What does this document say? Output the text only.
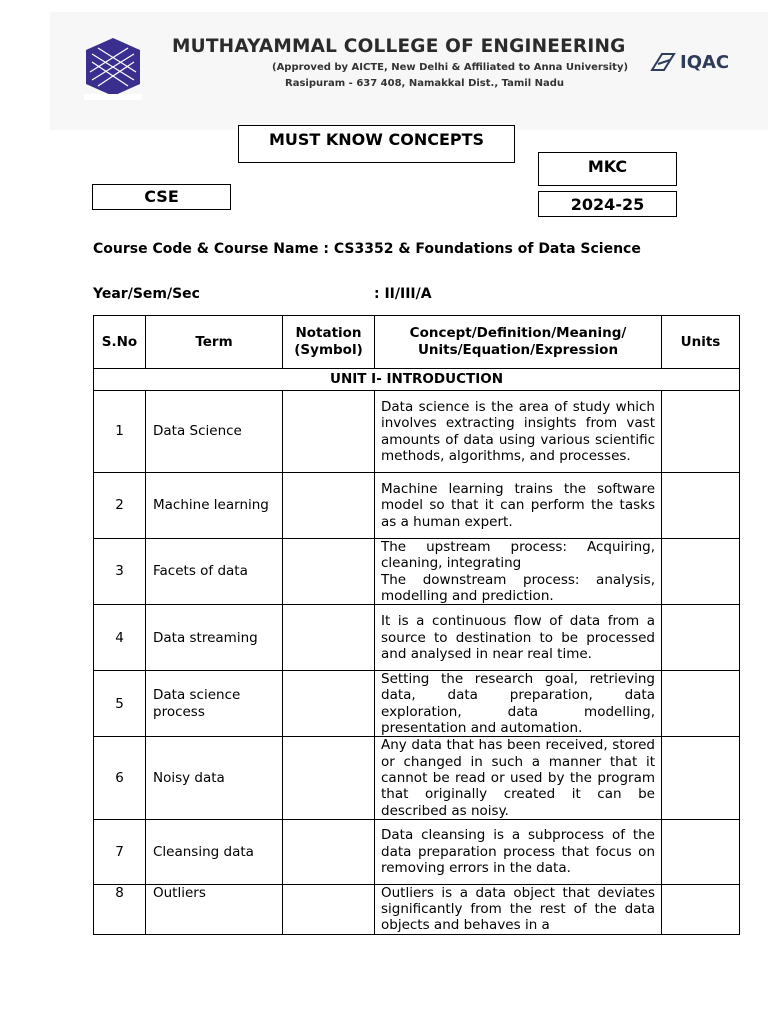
MUTHAYAMMAL COLLEGE OF ENGINEERING
(Approved by AICTE, New Delhi & Affiliated to Anna University)
Rasipuram - 637 408, Namakkal Dist., Tamil Nadu
IQAC
MUST KNOW CONCEPTS
MKC
CSE	2024-25
Course Code & Course Name : CS3352 & Foundations of Data Science
Year/Sem/Sec	: II/III/A
S.No	Term	Notation (Symbol)	Concept/Definition/Meaning/ Units/Equation/Expression	Units
UNIT I- INTRODUCTION				
1	Data Science		Data science is the area of study which involves extracting insights from vast amounts of data using various scientific methods, algorithms, and processes.	
2	Machine learning		Machine learning trains the software model so that it can perform the tasks as a human expert.	
3	Facets of data		The upstream process: Acquiring, cleaning, integrating
The downstream process: analysis, modelling and prediction.	

4	Data streaming		It is a continuous flow of data from a source to destination to be processed and analysed in near real time.	
5	Data science process		Setting the research goal, retrieving data, data preparation, data exploration, data modelling, presentation and automation.	
6	Noisy data		Any data that has been received, stored or changed in such a manner that it cannot be read or used by the program that originally created it can be described as noisy.	
7	Cleansing data		Data cleansing is a subprocess of the data preparation process that focus on removing errors in the data.	
8	Outliers		Outliers is a data object that deviates significantly from the rest of the data objects and behaves in a	
